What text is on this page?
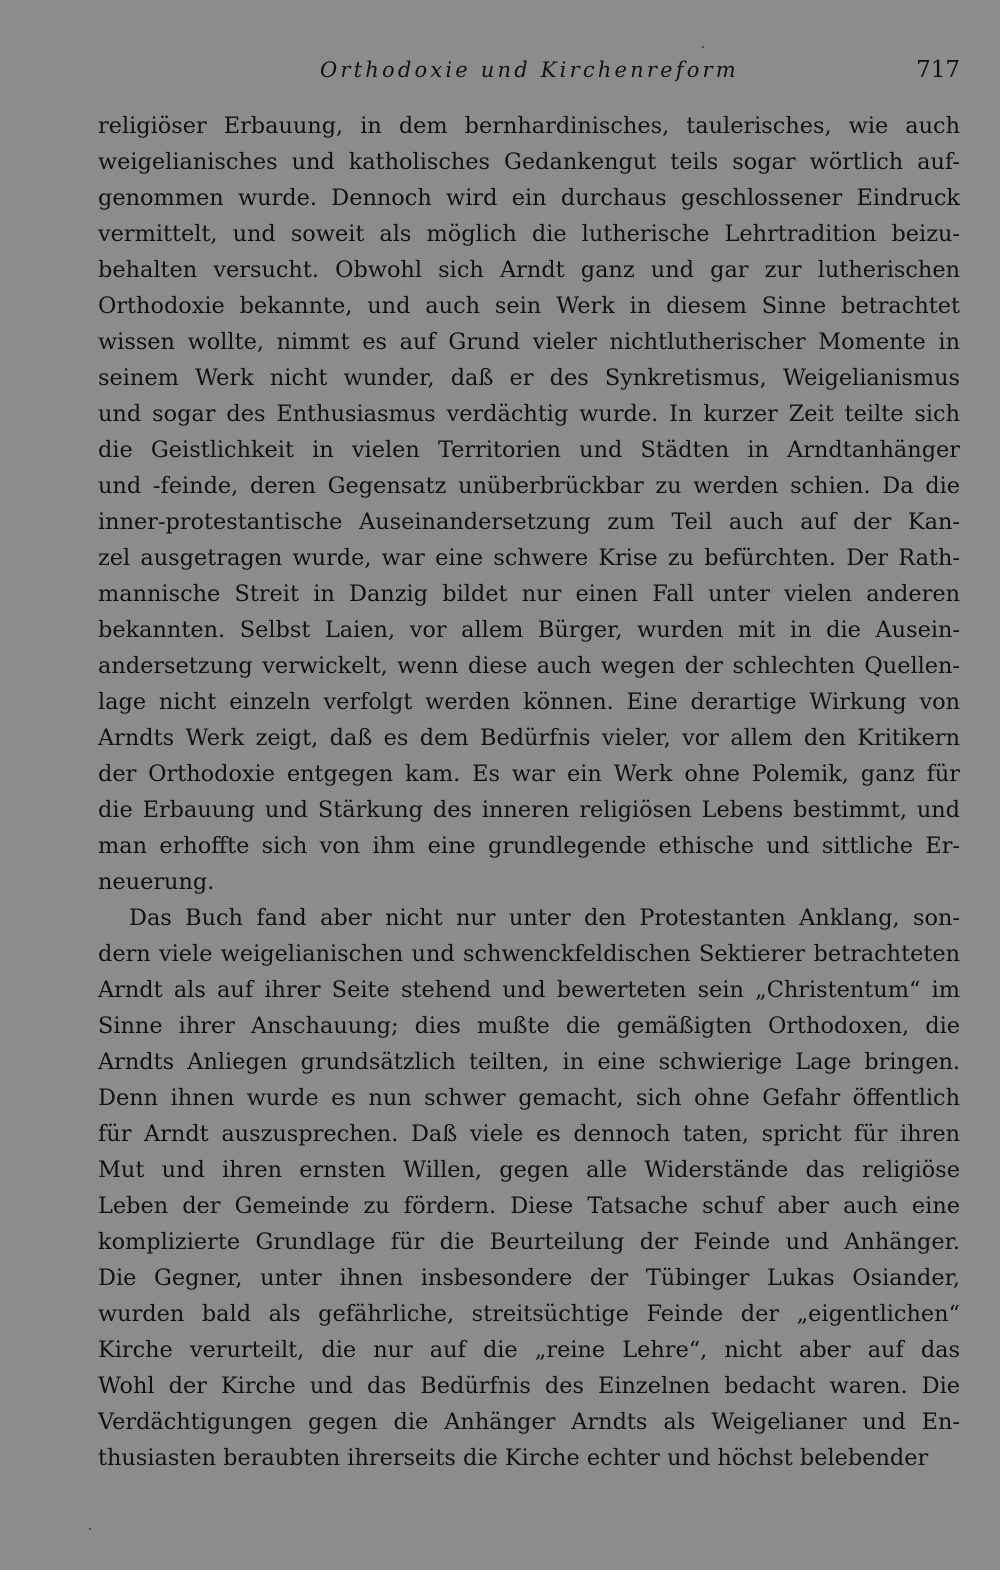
Orthodoxie und Kirchenreform	717
religiöser Erbauung, in dem bernhardinisches, taulerisches, wie auch
weigelianisches und katholisches Gedankengut teils sogar wörtlich auf-
genommen wurde. Dennoch wird ein durchaus geschlossener Eindruck
vermittelt, und soweit als möglich die lutherische Lehrtradition beizu-
behalten versucht. Obwohl sich Arndt ganz und gar zur lutherischen
Orthodoxie bekannte, und auch sein Werk in diesem Sinne betrachtet
wissen wollte, nimmt es auf Grund vieler nichtlutherischer Momente in
seinem Werk nicht wunder, daß er des Synkretismus, Weigelianismus
und sogar des Enthusiasmus verdächtig wurde. In kurzer Zeit teilte sich
die Geistlichkeit in vielen Territorien und Städten in Arndtanhänger
und -feinde, deren Gegensatz unüberbrückbar zu werden schien. Da die
inner-protestantische Auseinandersetzung zum Teil auch auf der Kan-
zel ausgetragen wurde, war eine schwere Krise zu befürchten. Der Rath-
mannische Streit in Danzig bildet nur einen Fall unter vielen anderen
bekannten. Selbst Laien, vor allem Bürger, wurden mit in die Ausein-
andersetzung verwickelt, wenn diese auch wegen der schlechten Quellen-
lage nicht einzeln verfolgt werden können. Eine derartige Wirkung von
Arndts Werk zeigt, daß es dem Bedürfnis vieler, vor allem den Kritikern
der Orthodoxie entgegen kam. Es war ein Werk ohne Polemik, ganz für
die Erbauung und Stärkung des inneren religiösen Lebens bestimmt, und
man erhoffte sich von ihm eine grundlegende ethische und sittliche Er-
neuerung.
Das Buch fand aber nicht nur unter den Protestanten Anklang, son-
dern viele weigelianischen und schwenckfeldischen Sektierer betrachteten
Arndt als auf ihrer Seite stehend und bewerteten sein „Christentum“ im
Sinne ihrer Anschauung; dies mußte die gemäßigten Orthodoxen, die
Arndts Anliegen grundsätzlich teilten, in eine schwierige Lage bringen.
Denn ihnen wurde es nun schwer gemacht, sich ohne Gefahr öffentlich
für Arndt auszusprechen. Daß viele es dennoch taten, spricht für ihren
Mut und ihren ernsten Willen, gegen alle Widerstände das religiöse
Leben der Gemeinde zu fördern. Diese Tatsache schuf aber auch eine
komplizierte Grundlage für die Beurteilung der Feinde und Anhänger.
Die Gegner, unter ihnen insbesondere der Tübinger Lukas Osiander,
wurden bald als gefährliche, streitsüchtige Feinde der „eigentlichen“
Kirche verurteilt, die nur auf die „reine Lehre“, nicht aber auf das
Wohl der Kirche und das Bedürfnis des Einzelnen bedacht waren. Die
Verdächtigungen gegen die Anhänger Arndts als Weigelianer und En-
thusiasten beraubten ihrerseits die Kirche echter und höchst belebender
